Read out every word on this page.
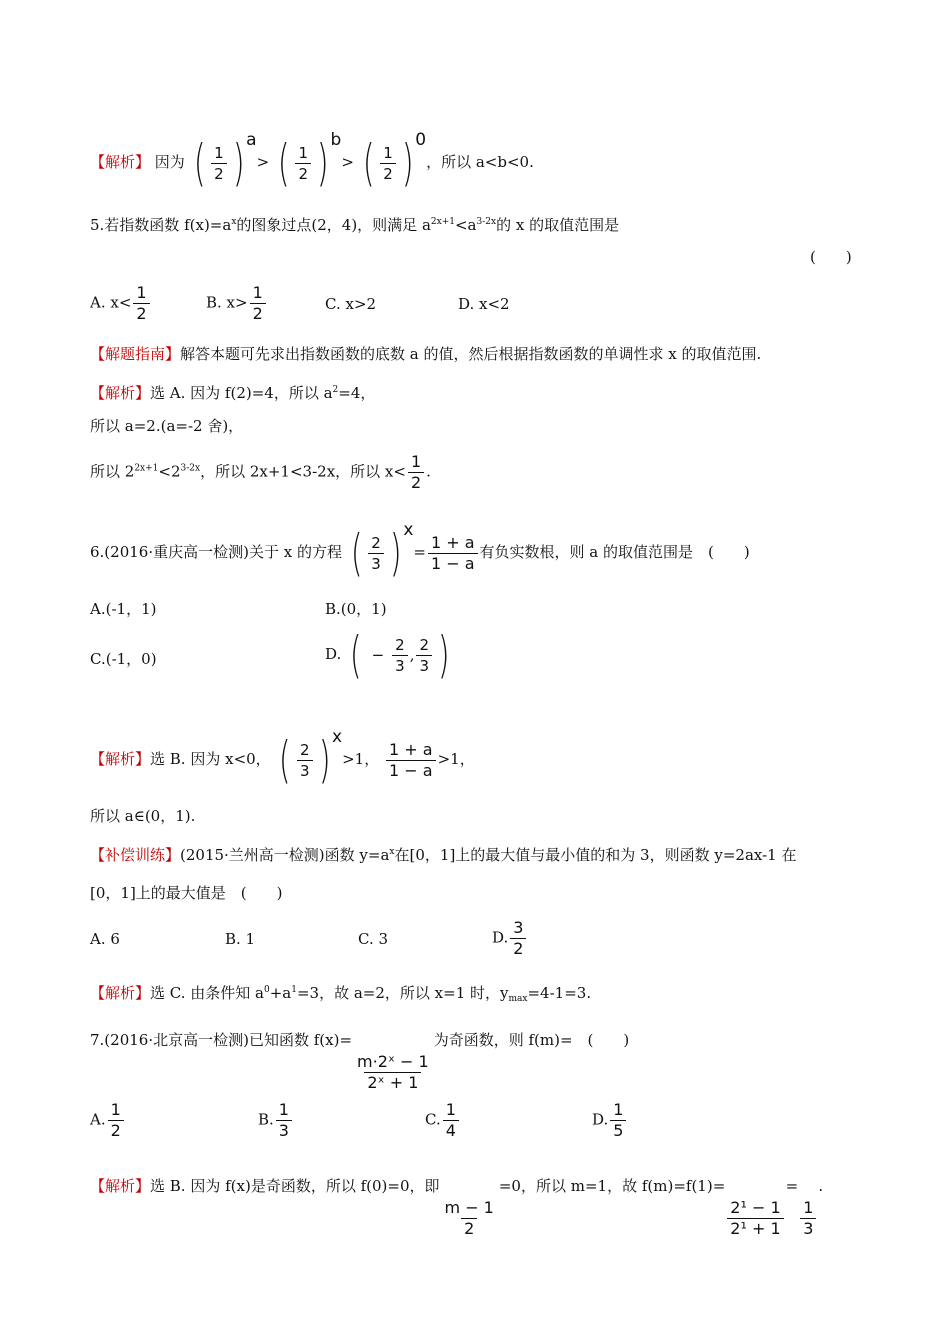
【解析】 因为 ( $\frac{1}{2}$ ) a> ( $\frac{1}{2}$ ) b> ( $\frac{1}{2}$ ) 0，所以 a<b<0.
5.若指数函数 $f(x)=a^x$的图象过点(2，4)，则满足 $a^{2x+1}<a^{3-2x}$的 x 的取值范围是
(　　)
A. $x< \frac{1}{2}$	B. $x> \frac{1}{2}$	C. x>2	D. x<2
【解题指南】解答本题可先求出指数函数的底数 a 的值，然后根据指数函数的单调性求 x 的取值范围.
【解析】选 A. 因为 f(2)=4，所以 $a^2=4$，
所以 a=2.(a=-2 舍)，
所以 $2^{2x+1}<2^{3-2x}$，所以 2x+1<3-2x，所以 $x< \frac{1}{2}$ .
6.(2016·重庆高一检测)关于 x 的方程 ( $\frac{2}{3}$ ) $x= \frac{1 + a}{1 - a}$ 有负实数根，则 a 的取值范围是　(　　)
A.(-1，1)	B.(0，1)
C.(-1，0)	D. ( − $\frac{2}{3}$ , $\frac{2}{3}$ )
【解析】选 B. 因为 x<0， ( $\frac{2}{3}$ ) x>1， $\frac{1 + a}{1 - a} >1$，
所以 a∈(0，1).
【补偿训练】(2015·兰州高一检测)函数 $y=a^x$在[0，1]上的最大值与最小值的和为 3，则函数 y=2ax-1 在
[0，1]上的最大值是　(　　)
A. 6	B. 1	C. 3	D. $\frac{3}{2}$
【解析】选 C. 由条件知 $a^0+a^1=3$，故 a=2，所以 x=1 时，$y_{max}=4-1=3$.
7.(2016·北京高一检测)已知函数 f(x)=
$\frac{\text{m·2ˣ − 1}}{\text{2ˣ + 1}}$
为奇函数，则 f(m)=　(　　)
A. $\frac{1}{2}$	B. $\frac{1}{3}$	C. $\frac{1}{4}$	D. $\frac{1}{5}$
【解析】选 B. 因为 f(x)是奇函数，所以 f(0)=0，即
$\frac{m - 1}{2}$
=0，所以 m=1，故 f(m)=f(1)=
$\frac{\text{2¹ − 1}}{\text{2¹ + 1}}$
=
$\frac{1}{3}$
.
